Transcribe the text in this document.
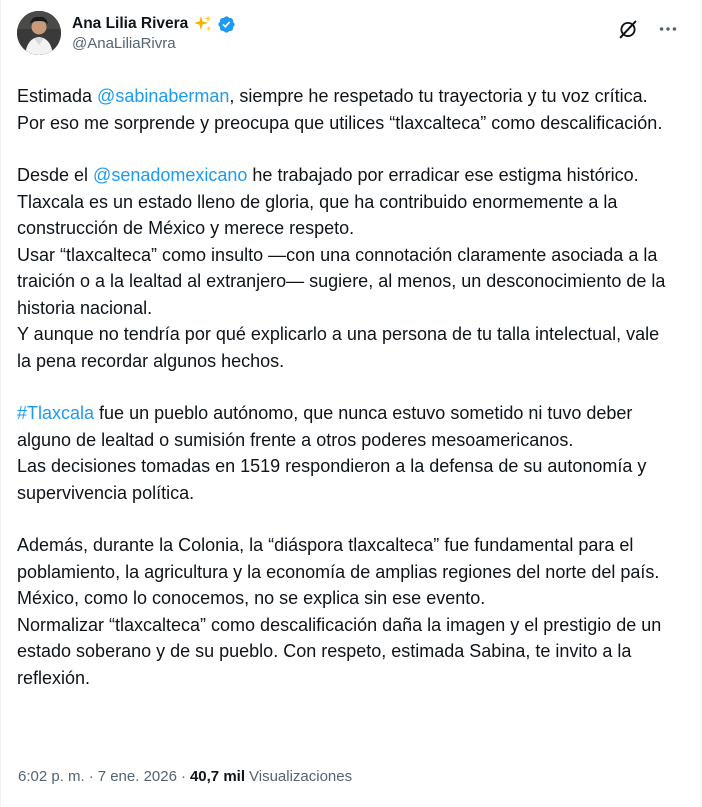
Ana Lilia Rivera
@AnaLiliaRivra

Estimada @sabinaberman, siempre he respetado tu trayectoria y tu voz crítica. Por eso me sorprende y preocupa que utilices “tlaxcalteca” como descalificación.

Desde el @senadomexicano he trabajado por erradicar ese estigma histórico. Tlaxcala es un estado lleno de gloria, que ha contribuido enormemente a la construcción de México y merece respeto.
Usar “tlaxcalteca” como insulto —con una connotación claramente asociada a la traición o a la lealtad al extranjero— sugiere, al menos, un desconocimiento de la historia nacional.
Y aunque no tendría por qué explicarlo a una persona de tu talla intelectual, vale la pena recordar algunos hechos.

#Tlaxcala fue un pueblo autónomo, que nunca estuvo sometido ni tuvo deber alguno de lealtad o sumisión frente a otros poderes mesoamericanos.
Las decisiones tomadas en 1519 respondieron a la defensa de su autonomía y supervivencia política.

Además, durante la Colonia, la “diáspora tlaxcalteca” fue fundamental para el poblamiento, la agricultura y la economía de amplias regiones del norte del país. México, como lo conocemos, no se explica sin ese evento.
Normalizar “tlaxcalteca” como descalificación daña la imagen y el prestigio de un estado soberano y de su pueblo. Con respeto, estimada Sabina, te invito a la reflexión.

6:02 p. m. · 7 ene. 2026 · 40,7 mil Visualizaciones
